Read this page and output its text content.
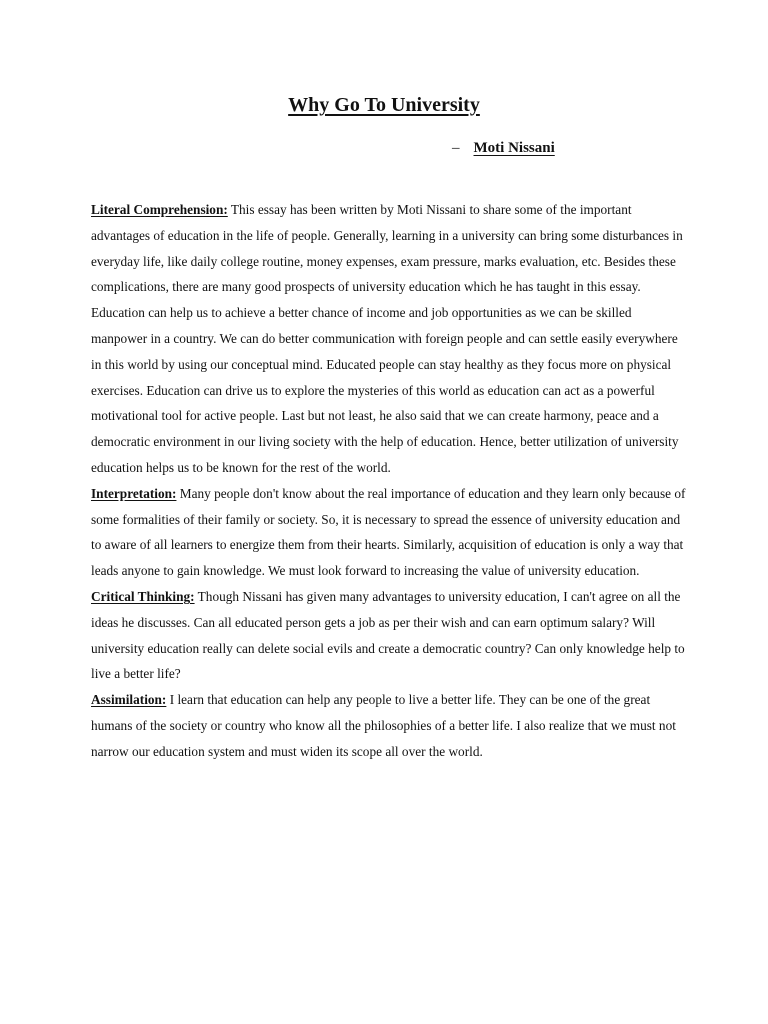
Why Go To University
– Moti Nissani

Literal Comprehension: This essay has been written by Moti Nissani to share some of the important advantages of education in the life of people. Generally, learning in a university can bring some disturbances in everyday life, like daily college routine, money expenses, exam pressure, marks evaluation, etc. Besides these complications, there are many good prospects of university education which he has taught in this essay. Education can help us to achieve a better chance of income and job opportunities as we can be skilled manpower in a country. We can do better communication with foreign people and can settle easily everywhere in this world by using our conceptual mind. Educated people can stay healthy as they focus more on physical exercises. Education can drive us to explore the mysteries of this world as education can act as a powerful motivational tool for active people. Last but not least, he also said that we can create harmony, peace and a democratic environment in our living society with the help of education. Hence, better utilization of university education helps us to be known for the rest of the world.

Interpretation: Many people don't know about the real importance of education and they learn only because of some formalities of their family or society. So, it is necessary to spread the essence of university education and to aware of all learners to energize them from their hearts. Similarly, acquisition of education is only a way that leads anyone to gain knowledge. We must look forward to increasing the value of university education.

Critical Thinking: Though Nissani has given many advantages to university education, I can't agree on all the ideas he discusses. Can all educated person gets a job as per their wish and can earn optimum salary? Will university education really can delete social evils and create a democratic country? Can only knowledge help to live a better life?

Assimilation: I learn that education can help any people to live a better life. They can be one of the great humans of the society or country who know all the philosophies of a better life. I also realize that we must not narrow our education system and must widen its scope all over the world.
